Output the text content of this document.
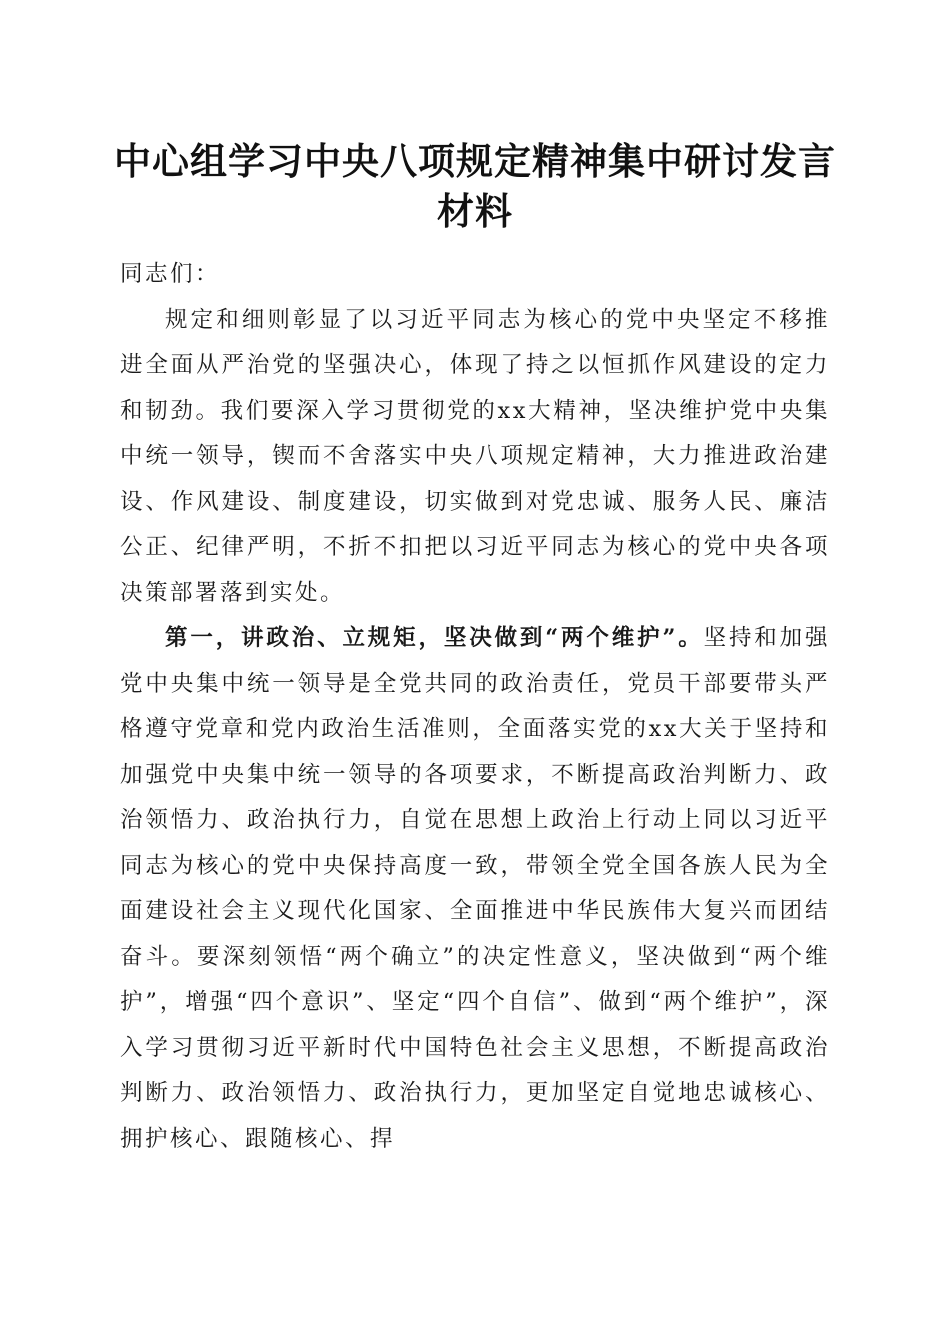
中心组学习中央八项规定精神集中研讨发言材料

同志们：

规定和细则彰显了以习近平同志为核心的党中央坚定不移推进全面从严治党的坚强决心，体现了持之以恒抓作风建设的定力和韧劲。我们要深入学习贯彻党的xx大精神，坚决维护党中央集中统一领导，锲而不舍落实中央八项规定精神，大力推进政治建设、作风建设、制度建设，切实做到对党忠诚、服务人民、廉洁公正、纪律严明，不折不扣把以习近平同志为核心的党中央各项决策部署落到实处。

第一，讲政治、立规矩，坚决做到“两个维护”。坚持和加强党中央集中统一领导是全党共同的政治责任，党员干部要带头严格遵守党章和党内政治生活准则，全面落实党的xx大关于坚持和加强党中央集中统一领导的各项要求，不断提高政治判断力、政治领悟力、政治执行力，自觉在思想上政治上行动上同以习近平同志为核心的党中央保持高度一致，带领全党全国各族人民为全面建设社会主义现代化国家、全面推进中华民族伟大复兴而团结奋斗。要深刻领悟“两个确立”的决定性意义，坚决做到“两个维护”，增强“四个意识”、坚定“四个自信”、做到“两个维护”，深入学习贯彻习近平新时代中国特色社会主义思想，不断提高政治判断力、政治领悟力、政治执行力，更加坚定自觉地忠诚核心、拥护核心、跟随核心、捍
